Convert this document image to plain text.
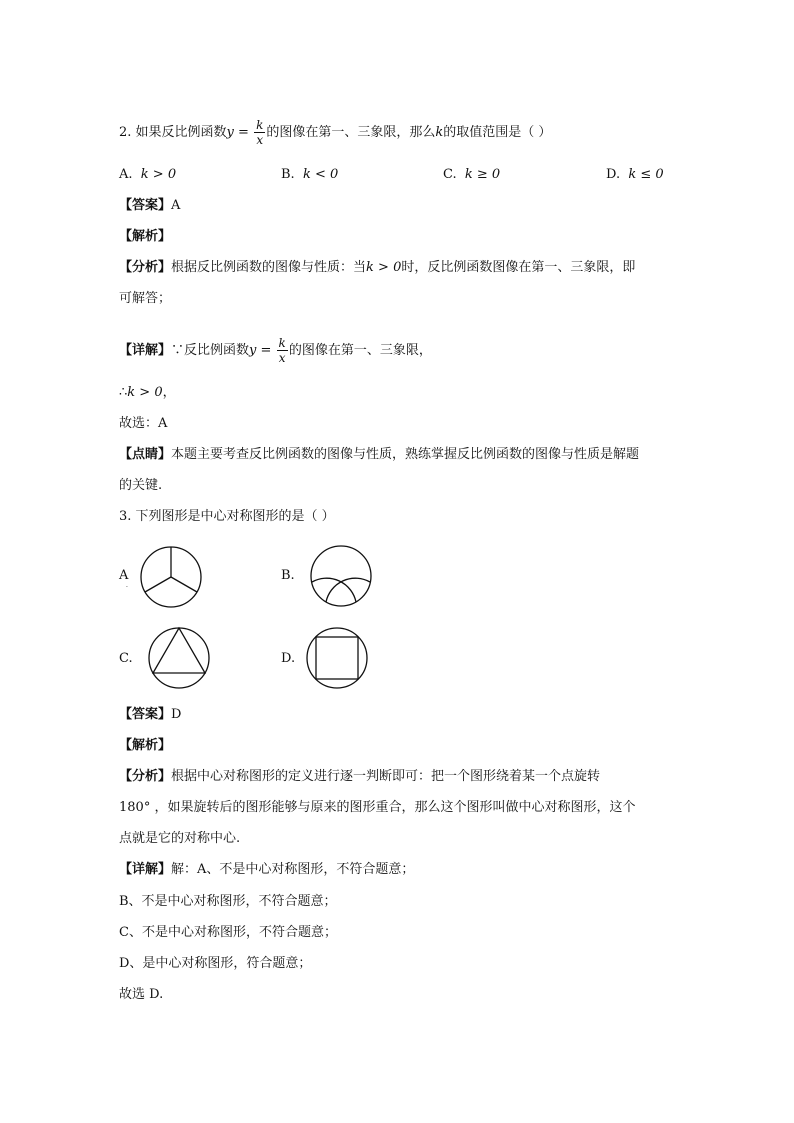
2. 如果反比例函数$y = \frac{k}{x}$ 的图像在第一、三象限，那么k的取值范围是（ ）
A. k > 0	B. k < 0	C. k ≥ 0	D. k ≤ 0
【答案】A
【解析】
【分析】根据反比例函数的图像与性质：当k > 0时，反比例函数图像在第一、三象限，即
可解答；
【详解】∵反比例函数$y = \frac{k}{x}$ 的图像在第一、三象限，
∴k > 0，
故选：A
【点睛】本题主要考查反比例函数的图像与性质，熟练掌握反比例函数的图像与性质是解题
的关键.
3. 下列图形是中心对称图形的是（ ）
A
·
B.
C.	D.
【答案】D
【解析】
【分析】根据中心对称图形的定义进行逐一判断即可：把一个图形绕着某一个点旋转
180° ，如果旋转后的图形能够与原来的图形重合，那么这个图形叫做中心对称图形，这个
点就是它的对称中心.
【详解】解：A、不是中心对称图形，不符合题意；
B、不是中心对称图形，不符合题意；
C、不是中心对称图形，不符合题意；
D、是中心对称图形，符合题意；
故选 D.
